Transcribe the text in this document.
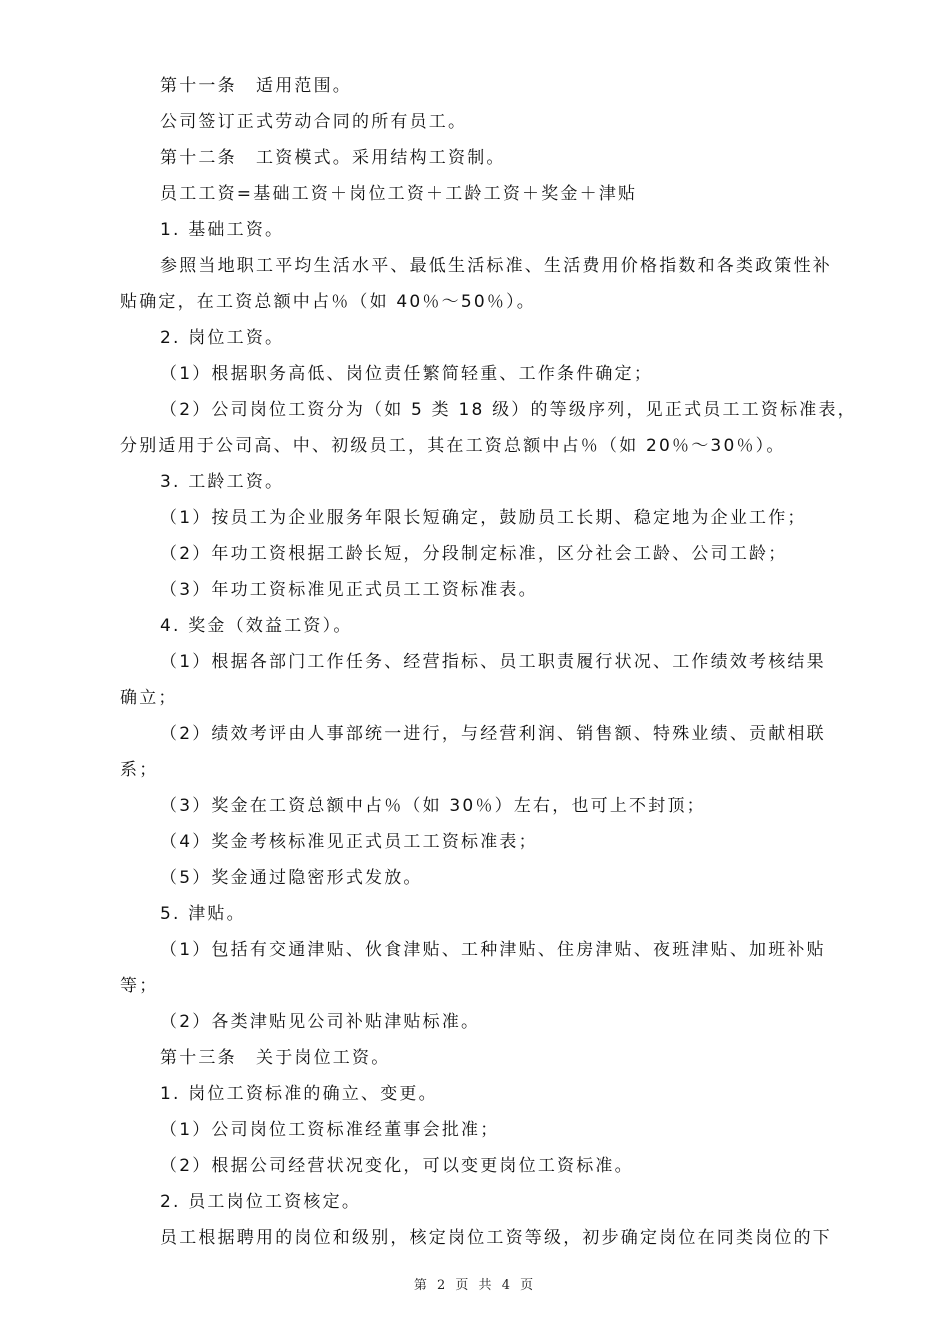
第十一条　适用范围。
公司签订正式劳动合同的所有员工。
第十二条　工资模式。采用结构工资制。
员工工资=基础工资＋岗位工资＋工龄工资＋奖金＋津贴
1. 基础工资。
参照当地职工平均生活水平、最低生活标准、生活费用价格指数和各类政策性补
贴确定，在工资总额中占％（如 40％～50％）。
2. 岗位工资。
（1）根据职务高低、岗位责任繁简轻重、工作条件确定；
（2）公司岗位工资分为（如 5 类 18 级）的等级序列，见正式员工工资标准表，
分别适用于公司高、中、初级员工，其在工资总额中占％（如 20％～30％）。
3. 工龄工资。
（1）按员工为企业服务年限长短确定，鼓励员工长期、稳定地为企业工作；
（2）年功工资根据工龄长短，分段制定标准，区分社会工龄、公司工龄；
（3）年功工资标准见正式员工工资标准表。
4. 奖金（效益工资）。
（1）根据各部门工作任务、经营指标、员工职责履行状况、工作绩效考核结果
确立；
（2）绩效考评由人事部统一进行，与经营利润、销售额、特殊业绩、贡献相联
系；
（3）奖金在工资总额中占％（如 30％）左右，也可上不封顶；
（4）奖金考核标准见正式员工工资标准表；
（5）奖金通过隐密形式发放。
5. 津贴。
（1）包括有交通津贴、伙食津贴、工种津贴、住房津贴、夜班津贴、加班补贴
等；
（2）各类津贴见公司补贴津贴标准。
第十三条　关于岗位工资。
1. 岗位工资标准的确立、变更。
（1）公司岗位工资标准经董事会批准；
（2）根据公司经营状况变化，可以变更岗位工资标准。
2. 员工岗位工资核定。
员工根据聘用的岗位和级别，核定岗位工资等级，初步确定岗位在同类岗位的下
第 2 页 共 4 页
